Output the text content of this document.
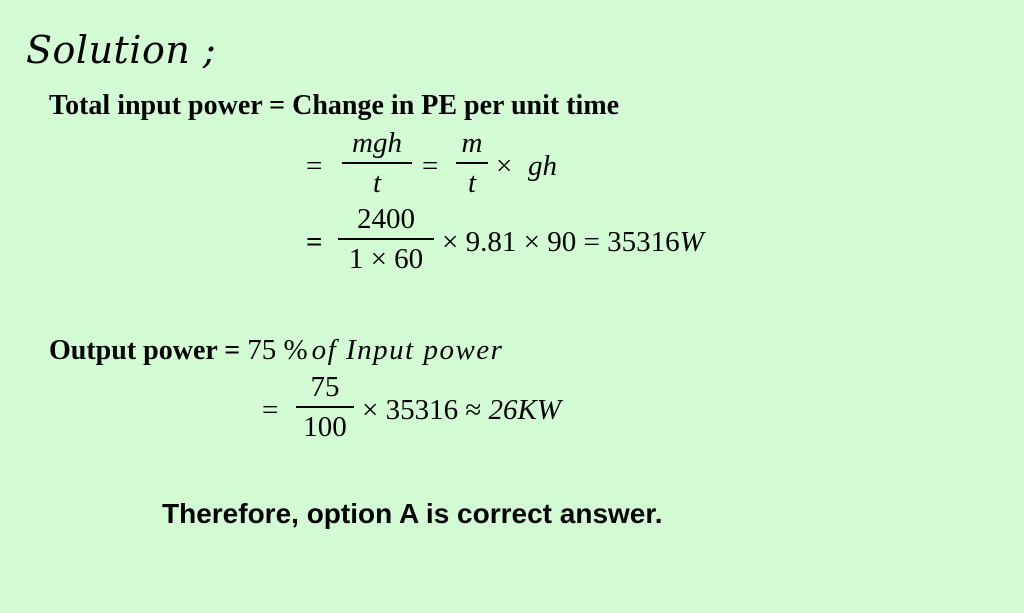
Solution ;
Total input power = Change in PE per unit time
=
mgh
t
=
m
t
× gh
=
2400
1 × 60
× 9.81 × 90 = 35316W
Output power = 75 % of Input power
=
75
100
× 35316 ≈ 26KW
Therefore, option A is correct answer.
